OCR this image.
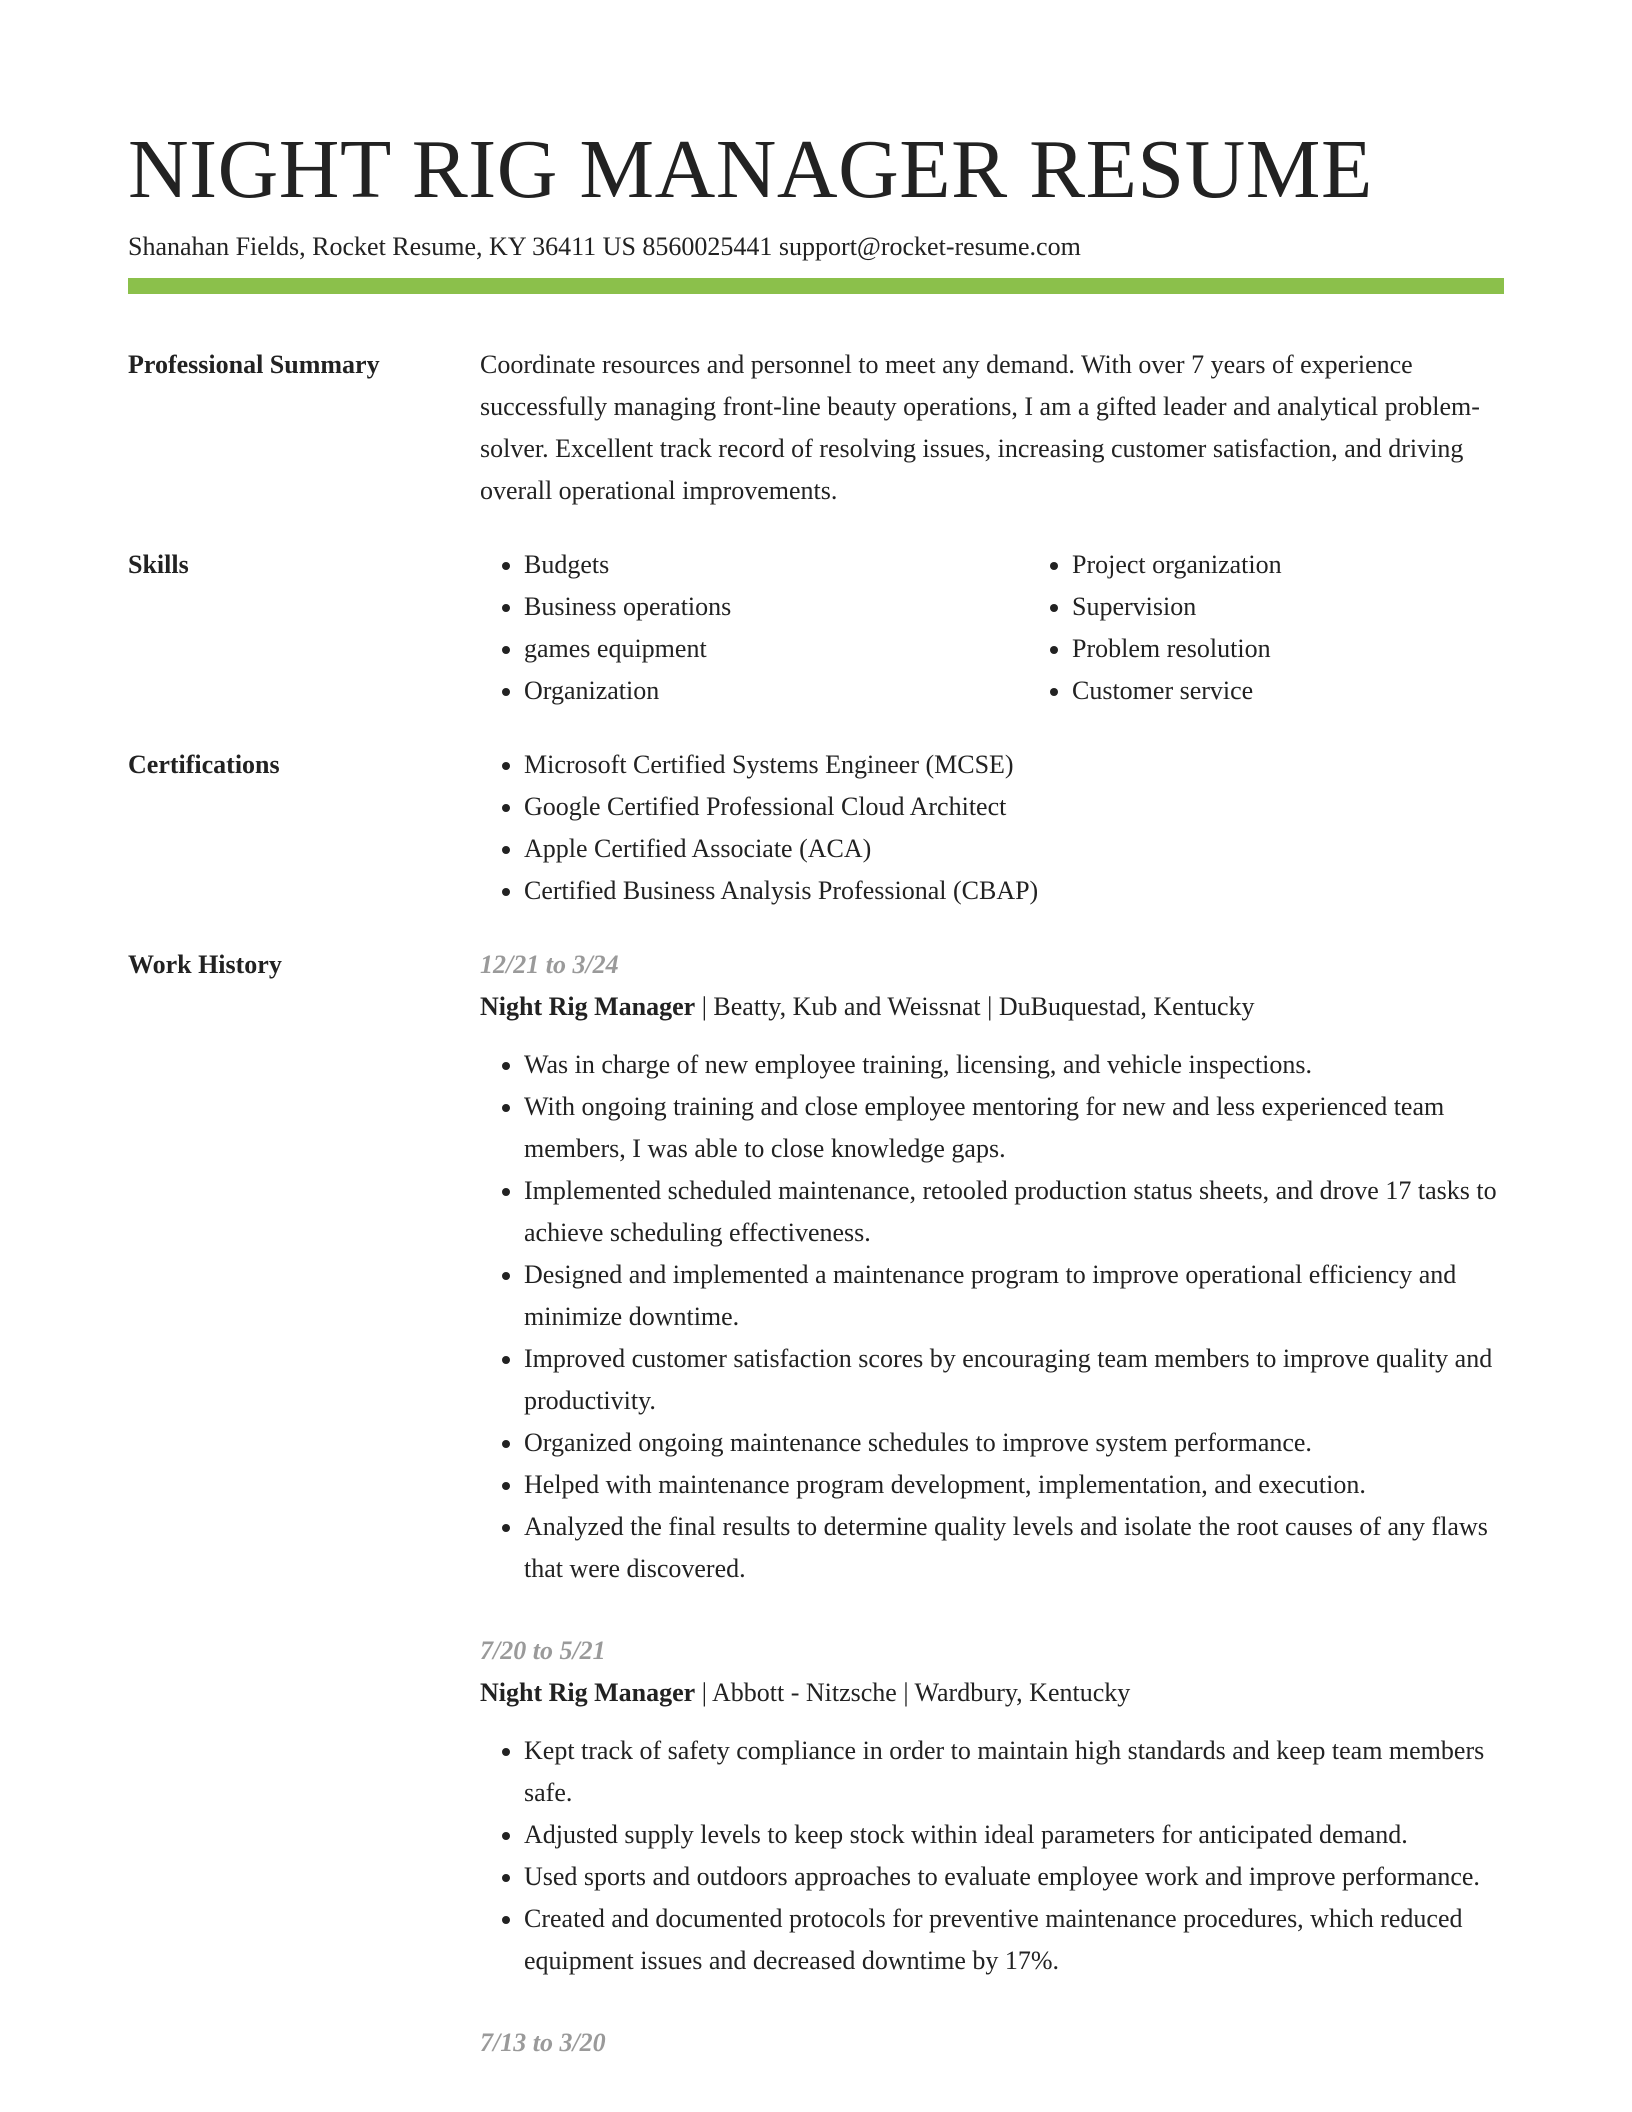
NIGHT RIG MANAGER RESUME
Shanahan Fields, Rocket Resume, KY 36411 US 8560025441 support@rocket-resume.com
Professional Summary	Coordinate resources and personnel to meet any demand. With over 7 years of experience successfully managing front-line beauty operations, I am a gifted leader and analytical problem-solver. Excellent track record of resolving issues, increasing customer satisfaction, and driving overall operational improvements.
Skills	• Budgets
• Business operations
• games equipment
• Organization
• Project organization
• Supervision
• Problem resolution
• Customer service
Certifications	• Microsoft Certified Systems Engineer (MCSE)
• Google Certified Professional Cloud Architect
• Apple Certified Associate (ACA)
• Certified Business Analysis Professional (CBAP)
Work History	12/21 to 3/24
Night Rig Manager | Beatty, Kub and Weissnat | DuBuquestad, Kentucky
• Was in charge of new employee training, licensing, and vehicle inspections.
• With ongoing training and close employee mentoring for new and less experienced team members, I was able to close knowledge gaps.
• Implemented scheduled maintenance, retooled production status sheets, and drove 17 tasks to achieve scheduling effectiveness.
• Designed and implemented a maintenance program to improve operational efficiency and minimize downtime.
• Improved customer satisfaction scores by encouraging team members to improve quality and productivity.
• Organized ongoing maintenance schedules to improve system performance.
• Helped with maintenance program development, implementation, and execution.
• Analyzed the final results to determine quality levels and isolate the root causes of any flaws that were discovered.
7/20 to 5/21
Night Rig Manager | Abbott - Nitzsche | Wardbury, Kentucky
• Kept track of safety compliance in order to maintain high standards and keep team members safe.
• Adjusted supply levels to keep stock within ideal parameters for anticipated demand.
• Used sports and outdoors approaches to evaluate employee work and improve performance.
• Created and documented protocols for preventive maintenance procedures, which reduced equipment issues and decreased downtime by 17%.
7/13 to 3/20
